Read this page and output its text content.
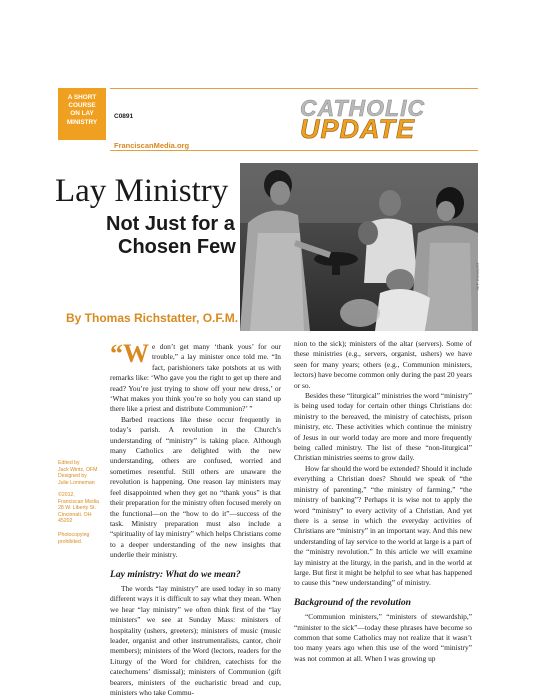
A SHORT
COURSE
ON LAY
MINISTRY
C0891
FranciscanMedia.org
CATHOLIC
UPDATE
Lay Ministry
Not Just for a
Chosen Few
By Thomas Richstatter, O.F.M.
W.P. EXHAUST
Edited by
Jack Wintz, OFM
Designed by
Julie Lonneman
©2012,
Franciscan Media
28 W. Liberty St.
Cincinnati, OH
45202
Photocopying
prohibited.

“We don’t get many ‘thank yous’ for our trouble,” a lay minister once told me. “In fact, parishioners take potshots at us with remarks like: ‘Who gave you the right to get up there and read? You’re just trying to show off your new dress,’ or ‘What makes you think you’re so holy you can stand up there like a priest and distribute Communion?’ ”

Barbed reactions like these occur frequently in today’s parish. A revolution in the Church’s understanding of “ministry” is taking place. Although many Catholics are delighted with the new understanding, others are confused, worried and sometimes resentful. Still others are unaware the revolution is happening. One reason lay ministers may feel disappointed when they get no “thank yous” is that their preparation for the ministry often focused merely on the functional—on the “how to do it”—success of the task. Ministry preparation must also include a “spirituality of lay ministry” which helps Christians come to a deeper understanding of the new insights that underlie their ministry.

Lay ministry: What do we mean?

The words “lay ministry” are used today in so many different ways it is difficult to say what they mean. When we hear “lay ministry” we often think first of the “lay ministers” we see at Sunday Mass: ministers of hospitality (ushers, greeters); ministers of music (music leader, organist and other instrumentalists, cantor, choir members); ministers of the Word (lectors, readers for the Liturgy of the Word for children, catechists for the catechumens’ dismissal); ministers of Communion (gift bearers, ministers of the eucharistic bread and cup, ministers who take Commu-

nion to the sick); ministers of the altar (servers). Some of these ministries (e.g., servers, organist, ushers) we have seen for many years; others (e.g., Communion ministers, lectors) have become common only during the past 20 years or so.

Besides these “liturgical” ministries the word “ministry” is being used today for certain other things Christians do: ministry to the bereaved, the ministry of catechists, prison ministry, etc. These activities which continue the ministry of Jesus in our world today are more and more frequently being called ministry. The list of these “non-liturgical” Christian ministries seems to grow daily.

How far should the word be extended? Should it include everything a Christian does? Should we speak of “the ministry of parenting,” “the ministry of farming,” “the ministry of banking”? Perhaps it is wise not to apply the word “ministry” to every activity of a Christian. And yet there is a sense in which the everyday activities of Christians are “ministry” in an important way. And this new understanding of lay service to the world at large is a part of the “ministry revolution.” In this article we will examine lay ministry at the liturgy, in the parish, and in the world at large. But first it might be helpful to see what has happened to cause this “new understanding” of ministry.

Background of the revolution

“Communion ministers,” “ministers of stewardship,” “minister to the sick”—today these phrases have become so common that some Catholics may not realize that it wasn’t too many years ago when this use of the word “ministry” was not common at all. When I was growing up
